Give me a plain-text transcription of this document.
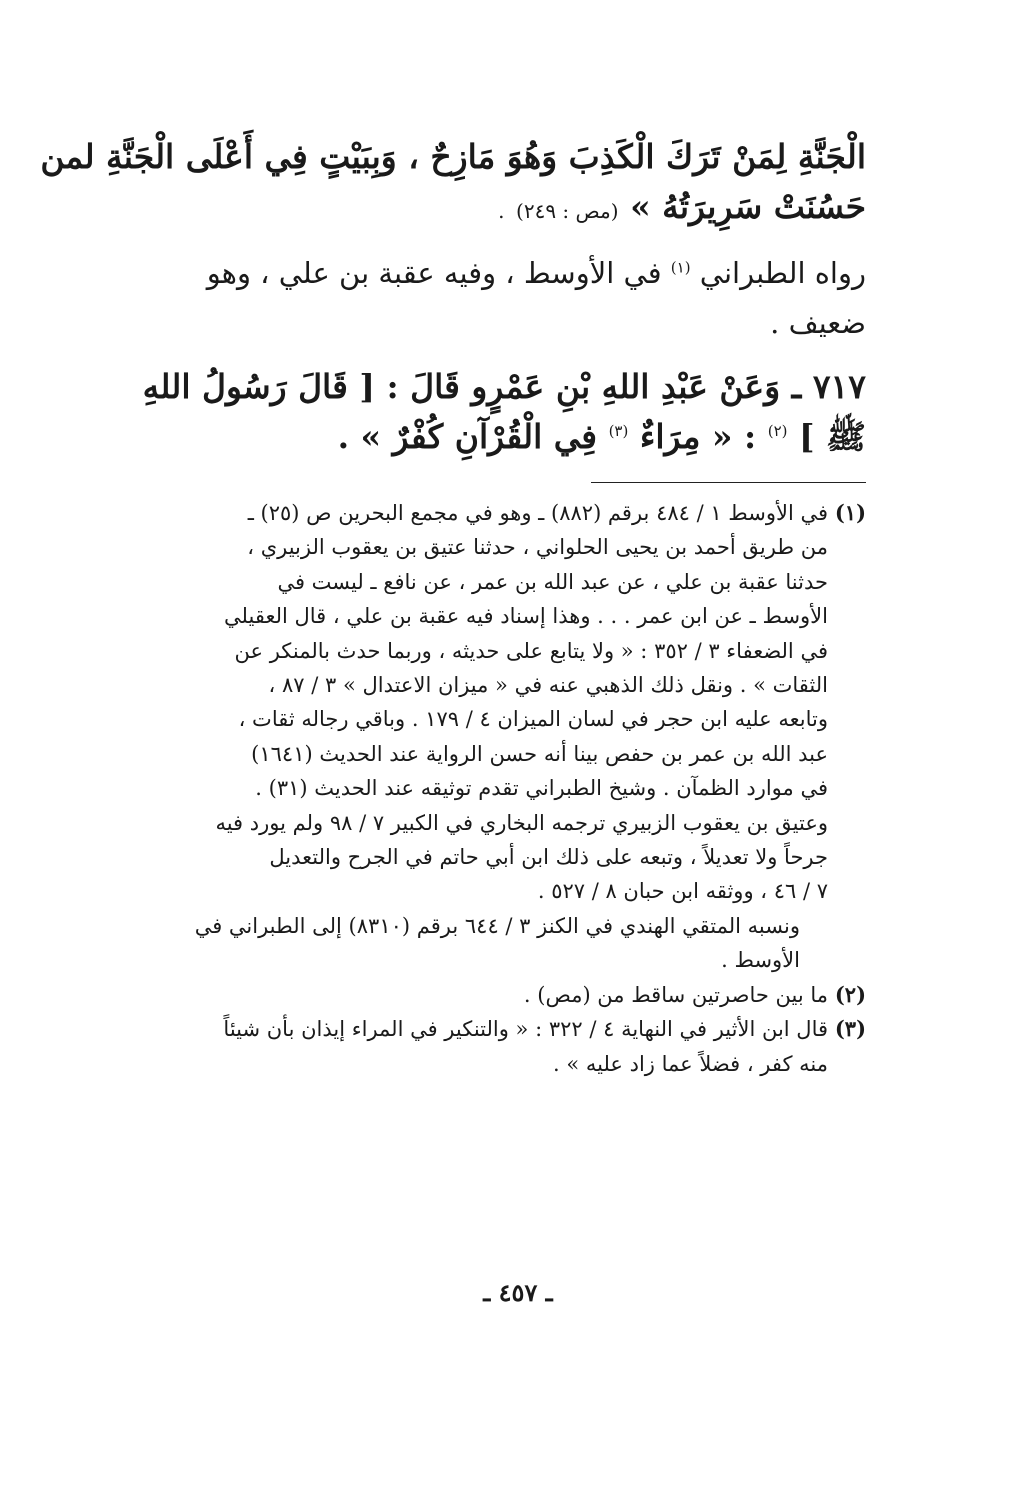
الْجَنَّةِ لِمَنْ تَرَكَ الْكَذِبَ وَهُوَ مَازِحٌ ، وَبِبَيْتٍ فِي أَعْلَى الْجَنَّةِ لمن
حَسُنَتْ سَرِيرَتُهُ » (مص : ٢٤٩) .
رواه الطبراني $^{(١)}$ في الأوسط ، وفيه عقبة بن علي ، وهو
ضعيف .
٧١٧ ـ وَعَنْ عَبْدِ اللهِ بْنِ عَمْرٍو قَالَ : [ قَالَ رَسُولُ اللهِ
ﷺ ] $^{(٢)}$ : « مِرَاءٌ $^{(٣)}$ فِي الْقُرْآنِ كُفْرٌ » .
(١)

في الأوسط ١ / ٤٨٤ برقم (٨٨٢) ـ وهو في مجمع البحرين ص (٢٥) ـ
من طريق أحمد بن يحيى الحلواني ، حدثنا عتيق بن يعقوب الزبيري ،
حدثنا عقبة بن علي ، عن عبد الله بن عمر ، عن نافع ـ ليست في
الأوسط ـ عن ابن عمر . . . وهذا إسناد فيه عقبة بن علي ، قال العقيلي
في الضعفاء ٣ / ٣٥٢ : « ولا يتابع على حديثه ، وربما حدث بالمنكر عن
الثقات » . ونقل ذلك الذهبي عنه في « ميزان الاعتدال » ٣ / ٨٧ ،
وتابعه عليه ابن حجر في لسان الميزان ٤ / ١٧٩ . وباقي رجاله ثقات ،
عبد الله بن عمر بن حفص بينا أنه حسن الرواية عند الحديث (١٦٤١)
في موارد الظمآن . وشيخ الطبراني تقدم توثيقه عند الحديث (٣١) .
وعتيق بن يعقوب الزبيري ترجمه البخاري في الكبير ٧ / ٩٨ ولم يورد فيه
جرحاً ولا تعديلاً ، وتبعه على ذلك ابن أبي حاتم في الجرح والتعديل
٧ / ٤٦ ، ووثقه ابن حبان ٨ / ٥٢٧ .

ونسبه المتقي الهندي في الكنز ٣ / ٦٤٤ برقم (٨٣١٠) إلى الطبراني في
الأوسط .

(٢)

ما بين حاصرتين ساقط من (مص) .

(٣)

قال ابن الأثير في النهاية ٤ / ٣٢٢ : « والتنكير في المراء إيذان بأن شيئاً
منه كفر ، فضلاً عما زاد عليه » .

ـ ٤٥٧ ـ
